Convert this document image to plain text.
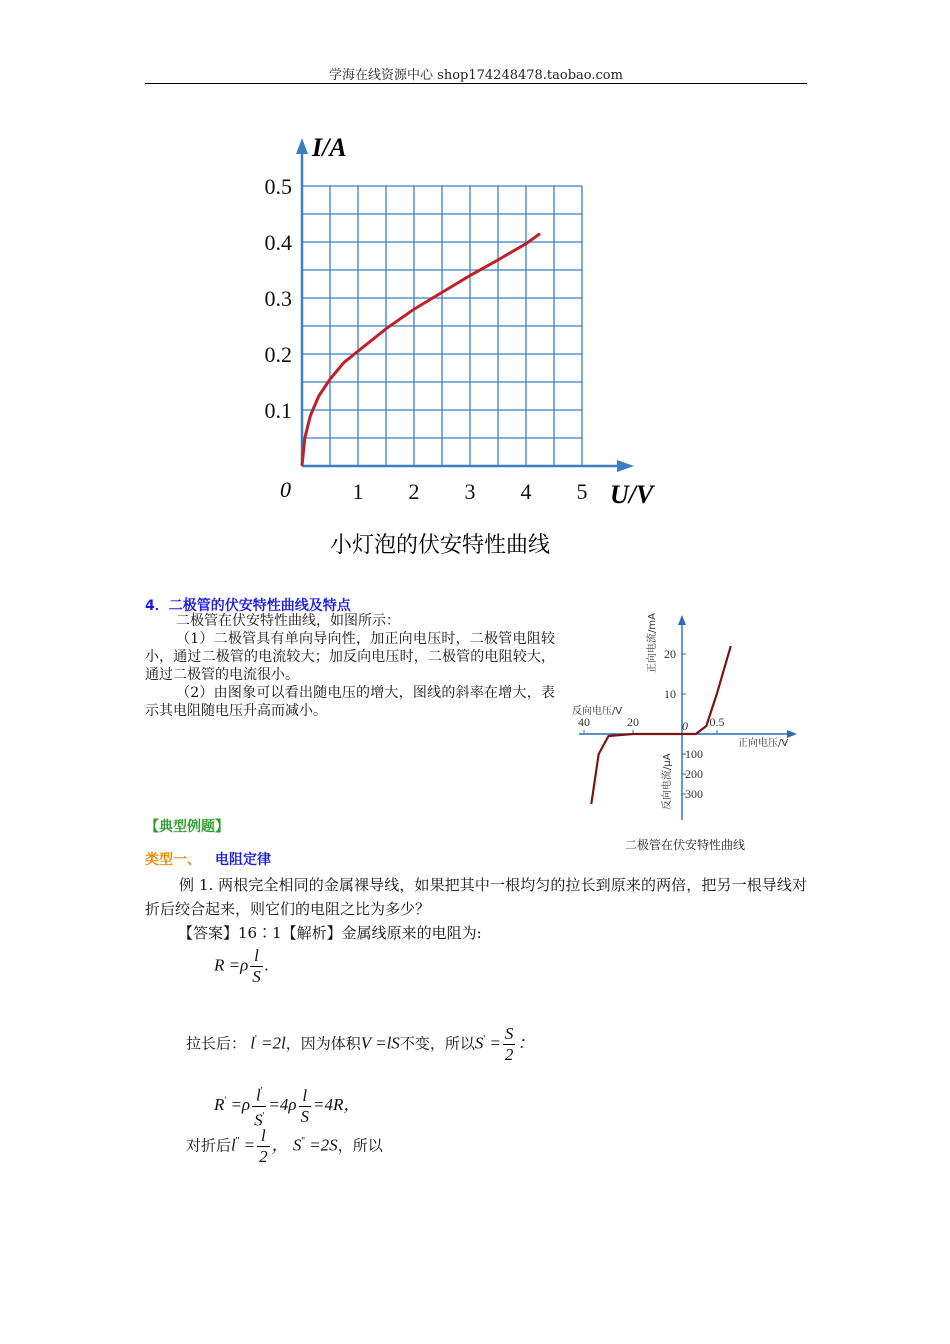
学海在线资源中心 shop174248478.taobao.com
0.1
0.2
0.3
0.4
0.5
1 2 3 4 5
I/A
U/V
0
小灯泡的伏安特性曲线
4．二极管的伏安特性曲线及特点
二极管在伏安特性曲线，如图所示：
（1）二极管具有单向导向性，加正向电压时，二极管电阻较小，通过二极管的电流较大；加反向电压时，二极管的电阻较大，通过二极管的电流很小。
（2）由图象可以看出随电压的增大，图线的斜率在增大，表示其电阻随电压升高而减小。
10
20
100
200
300
40	20	0.5
正向电流/mA
反向电流/μA
反向电压/V
正向电压/V
0
二极管在伏安特性曲线
【典型例题】
类型一、 电阻定律
例 1. 两根完全相同的金属裸导线，如果把其中一根均匀的拉长到原来的两倍，把另一根导线对折后绞合起来，则它们的电阻之比为多少？
【答案】16∶1【解析】金属线原来的电阻为:
$R =\rho \frac{l}{S}$ .
拉长后： l' =2l，因为体积V =lS不变，所以$S' = \frac{S}{2}$ ：
$R' =\rho \frac{l'}{S'} =4\rho \frac{l}{S} =4R$，
对折后$l'' = \frac{l}{2}$ ， S'' =2S，所以
